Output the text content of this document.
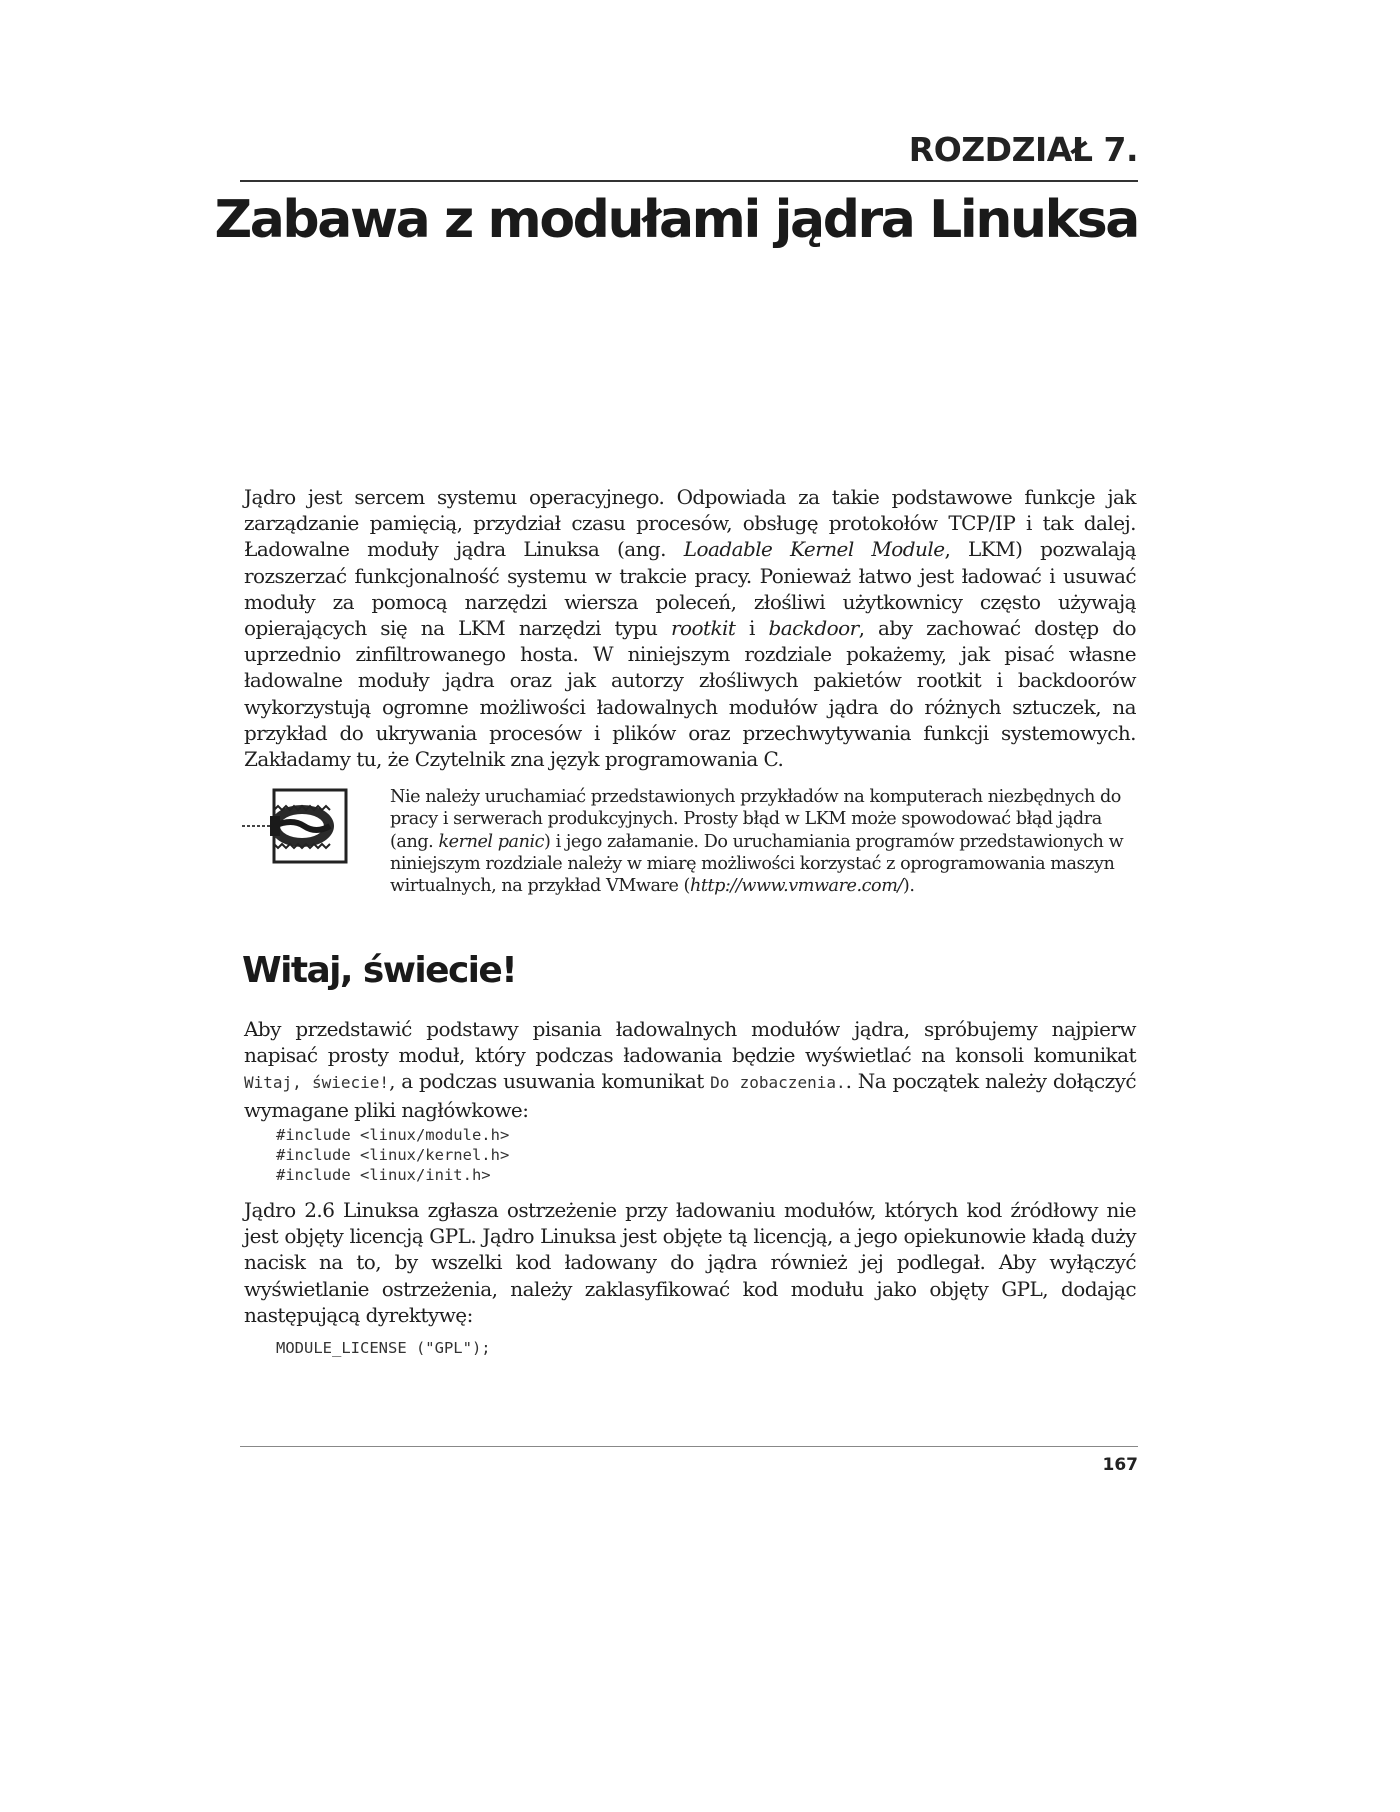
ROZDZIAŁ 7.
Zabawa z modułami jądra Linuksa

Jądro jest sercem systemu operacyjnego. Odpowiada za takie podstawowe funkcje jak zarządzanie pamięcią, przydział czasu procesów, obsługę protokołów TCP/IP i tak dalej. Ładowalne moduły jądra Linuksa (ang. Loadable Kernel Module, LKM) pozwalają rozszerzać funkcjonalność systemu w trakcie pracy. Ponieważ łatwo jest ładować i usuwać moduły za pomocą narzędzi wiersza poleceń, złośliwi użytkownicy często używają opierających się na LKM narzędzi typu rootkit i backdoor, aby zachować dostęp do uprzednio zinfiltrowanego hosta. W niniejszym rozdziale pokażemy, jak pisać własne ładowalne moduły jądra oraz jak autorzy złośliwych pakietów rootkit i backdoorów wykorzystują ogromne możliwości ładowalnych modułów jądra do różnych sztuczek, na przykład do ukrywania procesów i plików oraz przechwytywania funkcji systemowych. Zakładamy tu, że Czytelnik zna język programowania C.

Nie należy uruchamiać przedstawionych przykładów na komputerach niezbędnych do pracy i serwerach produkcyjnych. Prosty błąd w LKM może spowodować błąd jądra (ang. kernel panic) i jego załamanie. Do uruchamiania programów przedstawionych w niniejszym rozdziale należy w miarę możliwości korzystać z oprogramowania maszyn wirtualnych, na przykład VMware (http://www.vmware.com/).

Witaj, świecie!

Aby przedstawić podstawy pisania ładowalnych modułów jądra, spróbujemy najpierw napisać prosty moduł, który podczas ładowania będzie wyświetlać na konsoli komunikat Witaj, świecie!, a podczas usuwania komunikat Do zobaczenia.. Na początek należy dołączyć wymagane pliki nagłówkowe:

#include <linux/module.h>
#include <linux/kernel.h>
#include <linux/init.h>

Jądro 2.6 Linuksa zgłasza ostrzeżenie przy ładowaniu modułów, których kod źródłowy nie jest objęty licencją GPL. Jądro Linuksa jest objęte tą licencją, a jego opiekunowie kładą duży nacisk na to, by wszelki kod ładowany do jądra również jej podlegał. Aby wyłączyć wyświetlanie ostrzeżenia, należy zaklasyfikować kod modułu jako objęty GPL, dodając następującą dyrektywę:

MODULE_LICENSE ("GPL");
167
